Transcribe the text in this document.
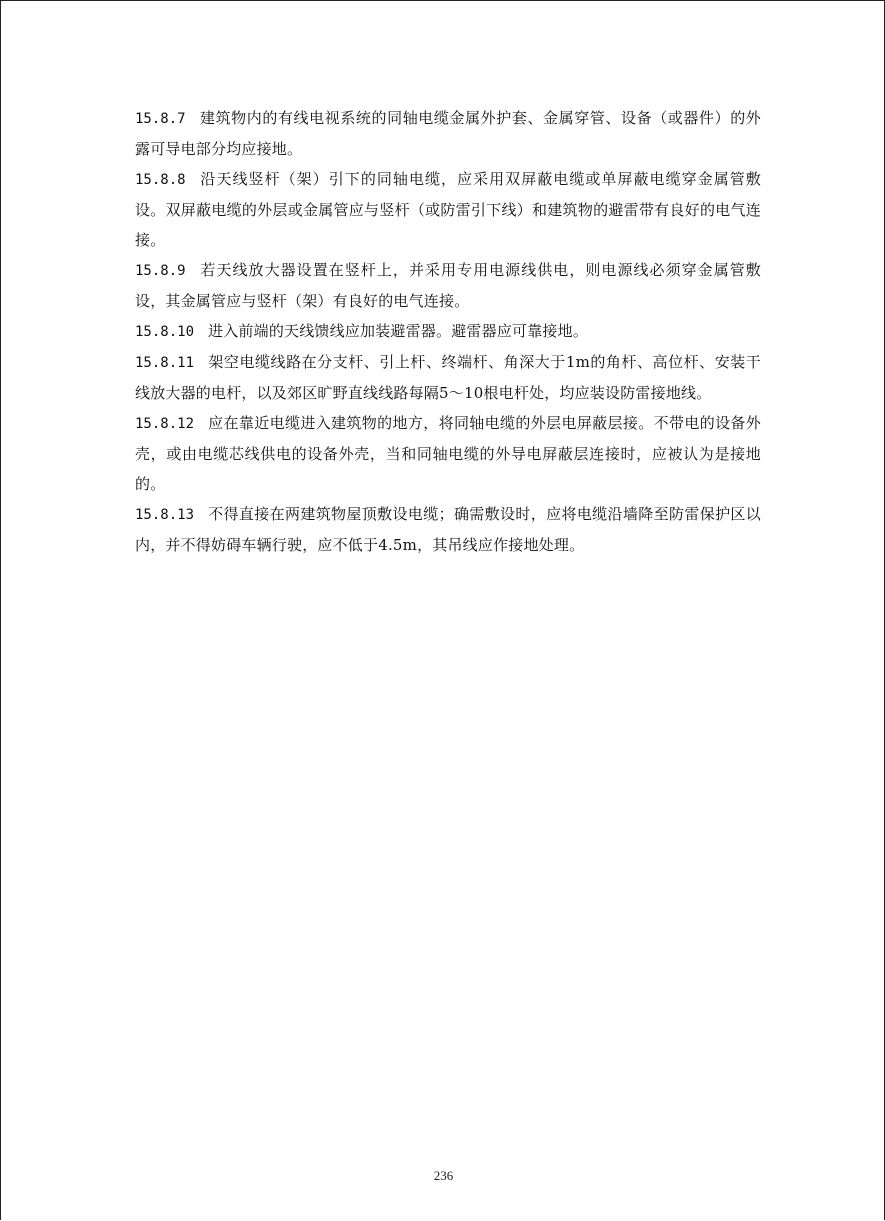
15.8.7 建筑物内的有线电视系统的同轴电缆金属外护套、金属穿管、设备（或器件）的外露可导电部分均应接地。

15.8.8 沿天线竖杆（架）引下的同轴电缆，应采用双屏蔽电缆或单屏蔽电缆穿金属管敷设。双屏蔽电缆的外层或金属管应与竖杆（或防雷引下线）和建筑物的避雷带有良好的电气连接。

15.8.9 若天线放大器设置在竖杆上，并采用专用电源线供电，则电源线必须穿金属管敷设，其金属管应与竖杆（架）有良好的电气连接。

15.8.10 进入前端的天线馈线应加装避雷器。避雷器应可靠接地。

15.8.11 架空电缆线路在分支杆、引上杆、终端杆、角深大于1m的角杆、高位杆、安装干线放大器的电杆，以及郊区旷野直线线路每隔5～10根电杆处，均应装设防雷接地线。

15.8.12 应在靠近电缆进入建筑物的地方，将同轴电缆的外层电屏蔽层接。不带电的设备外壳，或由电缆芯线供电的设备外壳，当和同轴电缆的外导电屏蔽层连接时，应被认为是接地的。

15.8.13 不得直接在两建筑物屋顶敷设电缆；确需敷设时，应将电缆沿墙降至防雷保护区以内，并不得妨碍车辆行驶，应不低于4.5m，其吊线应作接地处理。

236
